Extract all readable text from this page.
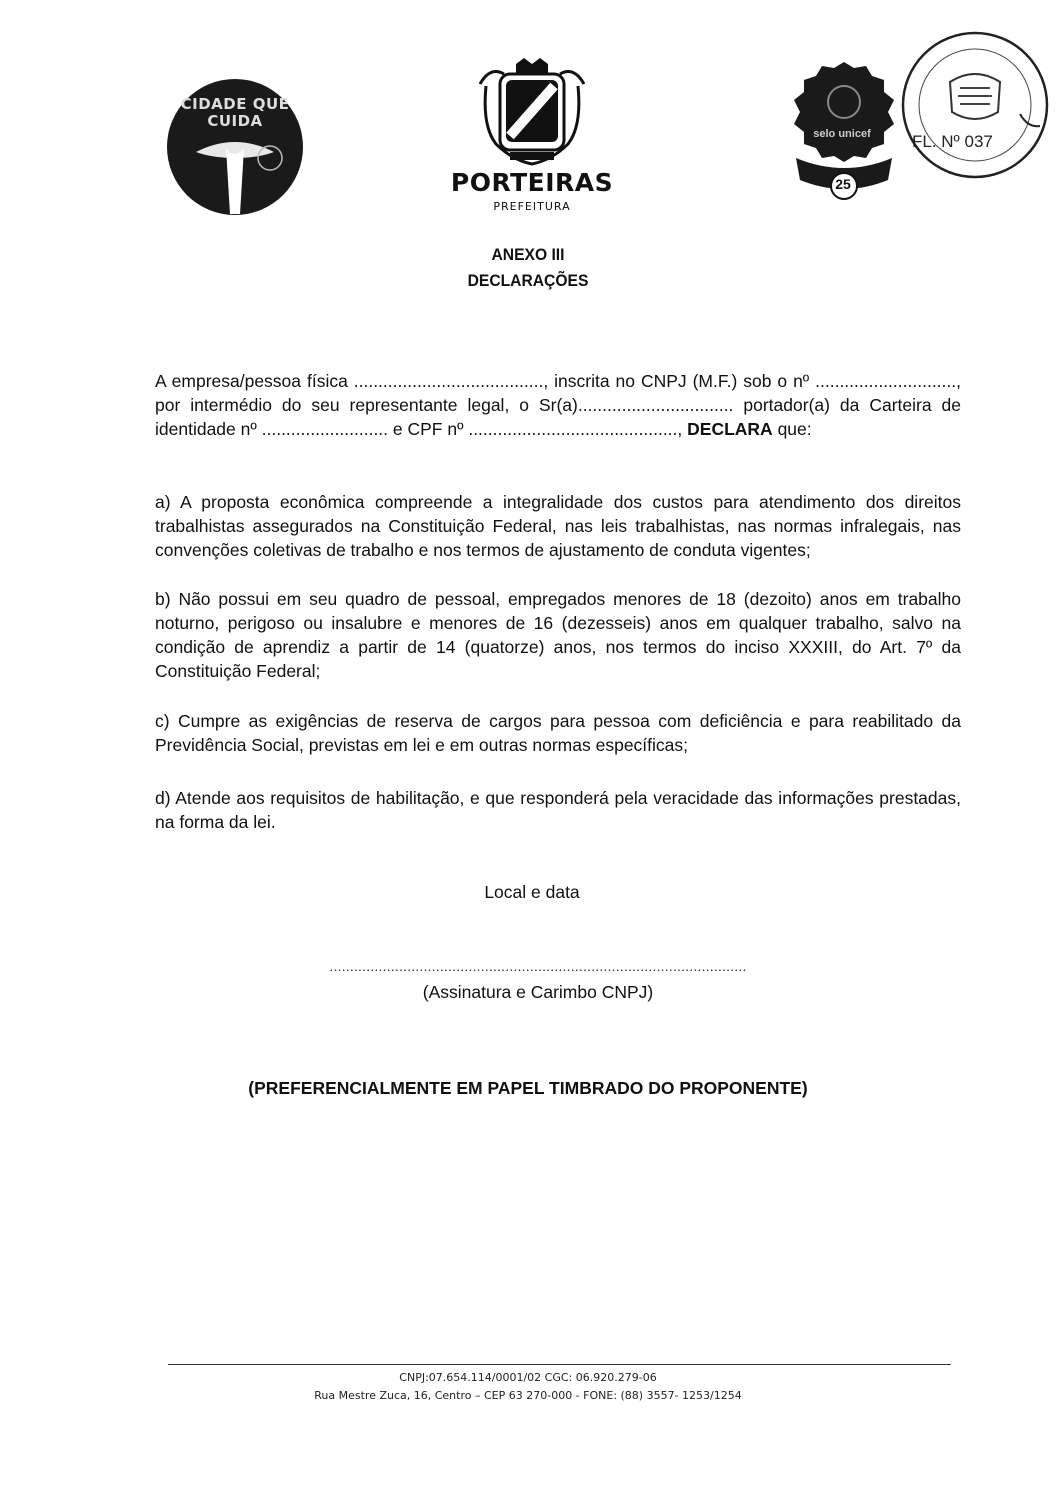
CIDADE QUE CUIDA
PORTEIRAS
PREFEITURA
selo unicef
25
FL. Nº 037
ANEXO III
DECLARAÇÕES
A empresa/pessoa física ......................................., inscrita no CNPJ (M.F.) sob o nº ............................., por intermédio do seu representante legal, o Sr(a)................................ portador(a) da Carteira de identidade nº .......................... e CPF nº ..........................................., DECLARA que:
a) A proposta econômica compreende a integralidade dos custos para atendimento dos direitos trabalhistas assegurados na Constituição Federal, nas leis trabalhistas, nas normas infralegais, nas convenções coletivas de trabalho e nos termos de ajustamento de conduta vigentes;
b) Não possui em seu quadro de pessoal, empregados menores de 18 (dezoito) anos em trabalho noturno, perigoso ou insalubre e menores de 16 (dezesseis) anos em qualquer trabalho, salvo na condição de aprendiz a partir de 14 (quatorze) anos, nos termos do inciso XXXIII, do Art. 7º da Constituição Federal;
c) Cumpre as exigências de reserva de cargos para pessoa com deficiência e para reabilitado da Previdência Social, previstas em lei e em outras normas específicas;
d) Atende aos requisitos de habilitação, e que responderá pela veracidade das informações prestadas, na forma da lei.
Local e data
......................................................................................................
(Assinatura e Carimbo CNPJ)
(PREFERENCIALMENTE EM PAPEL TIMBRADO DO PROPONENTE)
CNPJ:07.654.114/0001/02 CGC: 06.920.279-06
Rua Mestre Zuca, 16, Centro – CEP 63 270-000 - FONE: (88) 3557- 1253/1254
